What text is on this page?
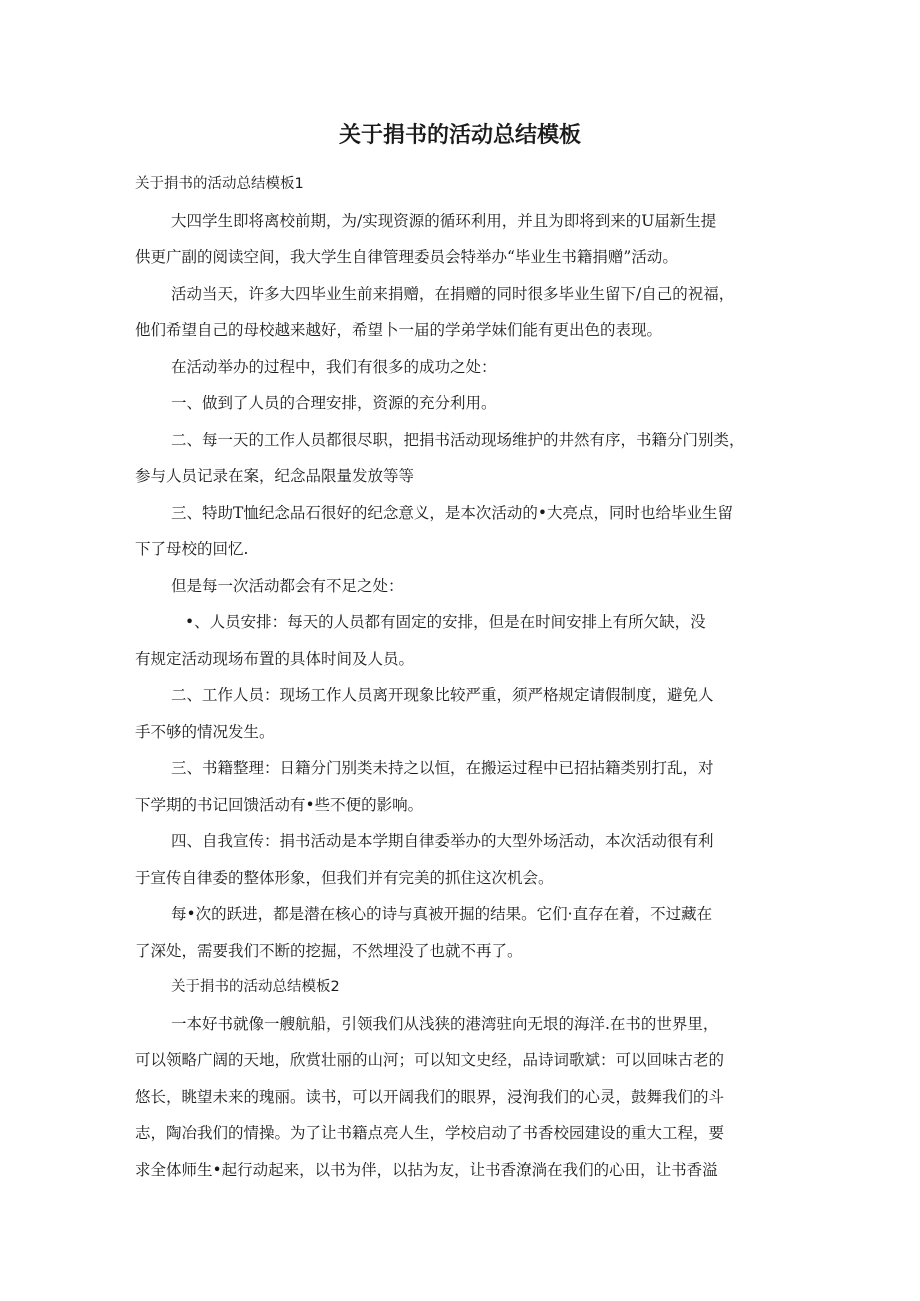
关于捐书的活动总结模板
关于捐书的活动总结模板1
大四学生即将离校前期，为/实现资源的循环利用，并且为即将到来的U届新生提
供更广副的阅读空间，我大学生自律管理委员会特举办“毕业生书籍捐赠”活动。
活动当天，许多大四毕业生前来捐赠，在捐赠的同时很多毕业生留下/自己的祝福，
他们希望自己的母校越来越好，希望卜一届的学弟学妹们能有更出色的表现。
在活动举办的过程中，我们有很多的成功之处：
一、做到了人员的合理安排，资源的充分利用。
二、每一天的工作人员都很尽职，把捐书活动现场维护的井然有序，书籍分门别类，
参与人员记录在案，纪念品限量发放等等
三、特助T恤纪念品石很好的纪念意义，是本次活动的•大亮点，同时也给毕业生留
下了母校的回忆.
但是每一次活动都会有不足之处：
•、人员安排：每天的人员都有固定的安排，但是在时间安排上有所欠缺，没
有规定活动现场布置的具体时间及人员。
二、工作人员：现场工作人员离开现象比较严重，须严格规定请假制度，避免人
手不够的情况发生。
三、书籍整理：日籍分门别类未持之以恒，在搬运过程中已招拈籍类别打乱，对
下学期的书记回馈活动有•些不便的影响。
四、自我宣传：捐书活动是本学期自律委举办的大型外场活动，本次活动很有利
于宣传自律委的整体形象，但我们并有完美的抓住这次机会。
每•次的跃进，都是潜在核心的诗与真被开掘的结果。它们·直存在着，不过藏在
了深处，需要我们不断的挖掘，不然埋没了也就不再了。
关于捐书的活动总结模板2
一本好书就像一艘航船，引领我们从浅狭的港湾驻向无垠的海洋.在书的世界里，
可以领略广阔的天地，欣赏壮丽的山河；可以知文史经，品诗词歌斌：可以回味古老的
悠长，眺望未来的瑰丽。读书，可以开阔我们的眼界，浸洵我们的心灵，鼓舞我们的斗
志，陶冶我们的情操。为了让书籍点亮人生，学校启动了书香校园建设的重大工程，要
求全体师生•起行动起来，以书为伴，以拈为友，让书香潦淌在我们的心田，让书香溢
